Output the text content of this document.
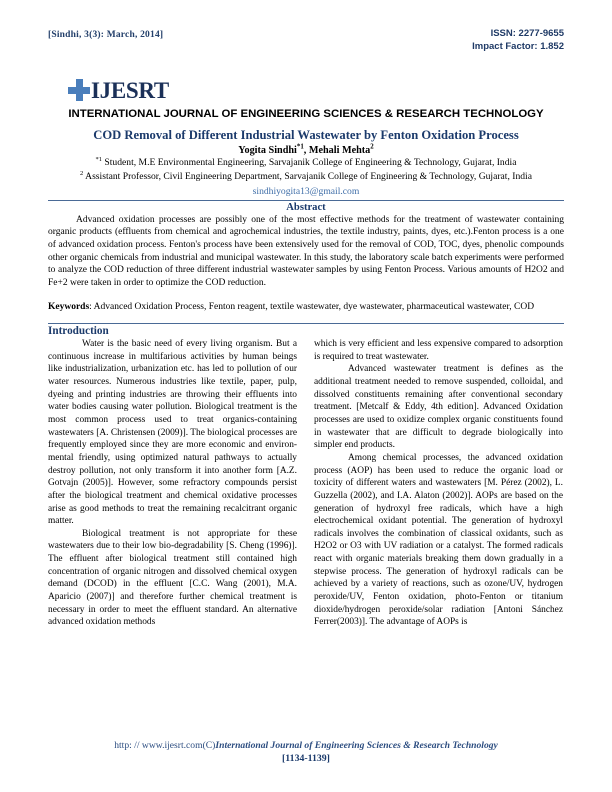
[Sindhi, 3(3): March, 2014]	ISSN: 2277-9655
Impact Factor: 1.852
IJESRT
INTERNATIONAL JOURNAL OF ENGINEERING SCIENCES & RESEARCH TECHNOLOGY
COD Removal of Different Industrial Wastewater by Fenton Oxidation Process
Yogita Sindhi$^{*1}$, Mehali Mehta$^2$
$^{*1}$ Student, M.E Environmental Engineering, Sarvajanik College of Engineering & Technology, Gujarat, India
$^2$ Assistant Professor, Civil Engineering Department, Sarvajanik College of Engineering & Technology, Gujarat, India
sindhiyogita13@gmail.com
Abstract
Advanced oxidation processes are possibly one of the most effective methods for the treatment of wastewater containing organic products (effluents from chemical and agrochemical industries, the textile industry, paints, dyes, etc.).Fenton process is a one of advanced oxidation process. Fenton's process have been extensively used for the removal of COD, TOC, dyes, phenolic compounds other organic chemicals from industrial and municipal wastewater. In this study, the laboratory scale batch experiments were performed to analyze the COD reduction of three different industrial wastewater samples by using Fenton Process. Various amounts of H2O2 and Fe+2 were taken in order to optimize the COD reduction.
Keywords: Advanced Oxidation Process, Fenton reagent, textile wastewater, dye wastewater, pharmaceutical wastewater, COD
Introduction

Water is the basic need of every living organism. But a continuous increase in multifarious activities by human beings like industrialization, urbanization etc. has led to pollution of our water resources. Numerous industries like textile, paper, pulp, dyeing and printing industries are throwing their effluents into water bodies causing water pollution. Biological treatment is the most common process used to treat organics-containing wastewaters [A. Christensen (2009)]. The biological processes are frequently employed since they are more economic and environ-mental friendly, using optimized natural pathways to actually destroy pollution, not only transform it into another form [A.Z. Gotvajn (2005)]. However, some refractory compounds persist after the biological treatment and chemical oxidative processes arise as good methods to treat the remaining recalcitrant organic matter.

Biological treatment is not appropriate for these wastewaters due to their low bio-degradability [S. Cheng (1996)]. The effluent after biological treatment still contained high concentration of organic nitrogen and dissolved chemical oxygen demand (DCOD) in the effluent [C.C. Wang (2001), M.A. Aparicio (2007)] and therefore further chemical treatment is necessary in order to meet the effluent standard. An alternative advanced oxidation methods

which is very efficient and less expensive compared to adsorption is required to treat wastewater.

Advanced wastewater treatment is defines as the additional treatment needed to remove suspended, colloidal, and dissolved constituents remaining after conventional secondary treatment. [Metcalf & Eddy, 4th edition]. Advanced Oxidation processes are used to oxidize complex organic constituents found in wastewater that are difficult to degrade biologically into simpler end products.

Among chemical processes, the advanced oxidation process (AOP) has been used to reduce the organic load or toxicity of different waters and wastewaters [M. Pérez (2002), L. Guzzella (2002), and I.A. Alaton (2002)]. AOPs are based on the generation of hydroxyl free radicals, which have a high electrochemical oxidant potential. The generation of hydroxyl radicals involves the combination of classical oxidants, such as H2O2 or O3 with UV radiation or a catalyst. The formed radicals react with organic materials breaking them down gradually in a stepwise process. The generation of hydroxyl radicals can be achieved by a variety of reactions, such as ozone/UV, hydrogen peroxide/UV, Fenton oxidation, photo-Fenton or titanium dioxide/hydrogen peroxide/solar radiation [Antoni Sánchez Ferrer(2003)]. The advantage of AOPs is

http: // www.ijesrt.com(C)International Journal of Engineering Sciences & Research Technology
[1134-1139]
